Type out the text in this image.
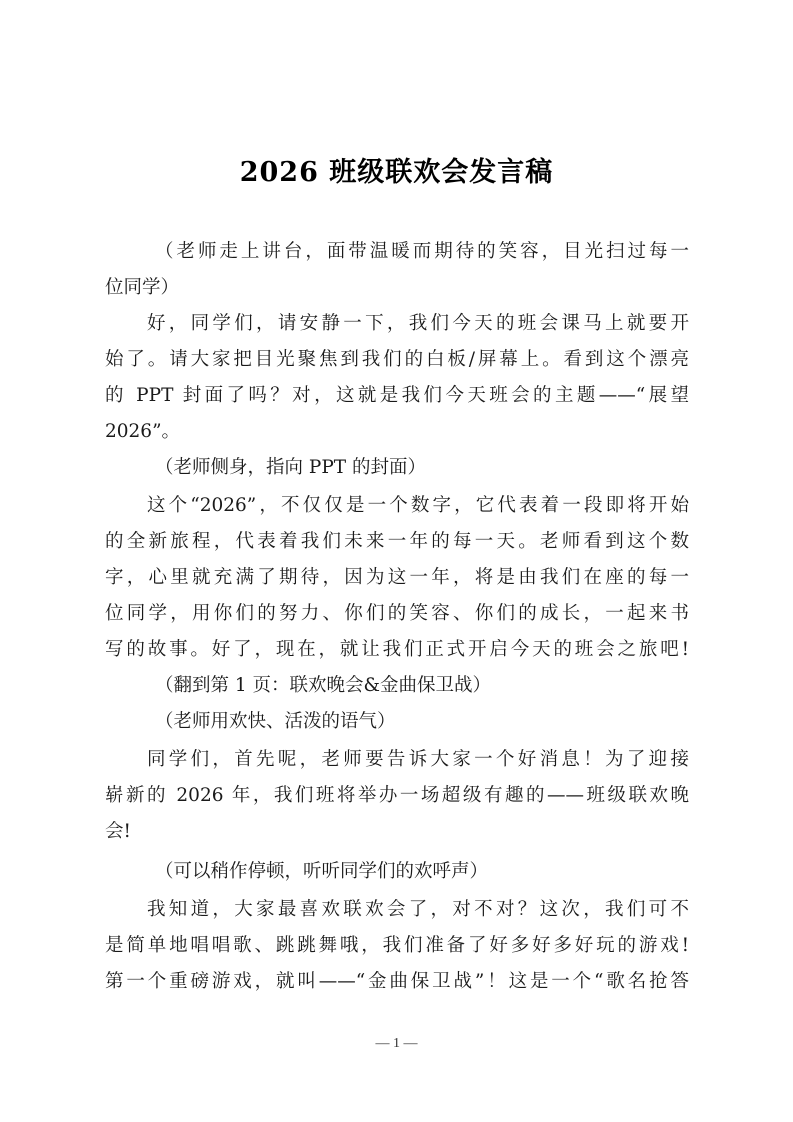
2026 班级联欢会发言稿
（老师走上讲台，面带温暖而期待的笑容，目光扫过每一
位同学）
好，同学们，请安静一下，我们今天的班会课马上就要开
始了。请大家把目光聚焦到我们的白板/屏幕上。看到这个漂亮
的 PPT 封面了吗？对，这就是我们今天班会的主题——“展望
2026”。
（老师侧身，指向 PPT 的封面）
这个“2026”，不仅仅是一个数字，它代表着一段即将开始
的全新旅程，代表着我们未来一年的每一天。老师看到这个数
字，心里就充满了期待，因为这一年，将是由我们在座的每一
位同学，用你们的努力、你们的笑容、你们的成长，一起来书
写的故事。好了，现在，就让我们正式开启今天的班会之旅吧!
（翻到第 1 页：联欢晚会&金曲保卫战）
（老师用欢快、活泼的语气）
同学们，首先呢，老师要告诉大家一个好消息！为了迎接
崭新的 2026 年，我们班将举办一场超级有趣的——班级联欢晚
会!
（可以稍作停顿，听听同学们的欢呼声）
我知道，大家最喜欢联欢会了，对不对？这次，我们可不
是简单地唱唱歌、跳跳舞哦，我们准备了好多好多好玩的游戏!
第一个重磅游戏，就叫——“金曲保卫战”！这是一个“歌名抢答
— 1 —
